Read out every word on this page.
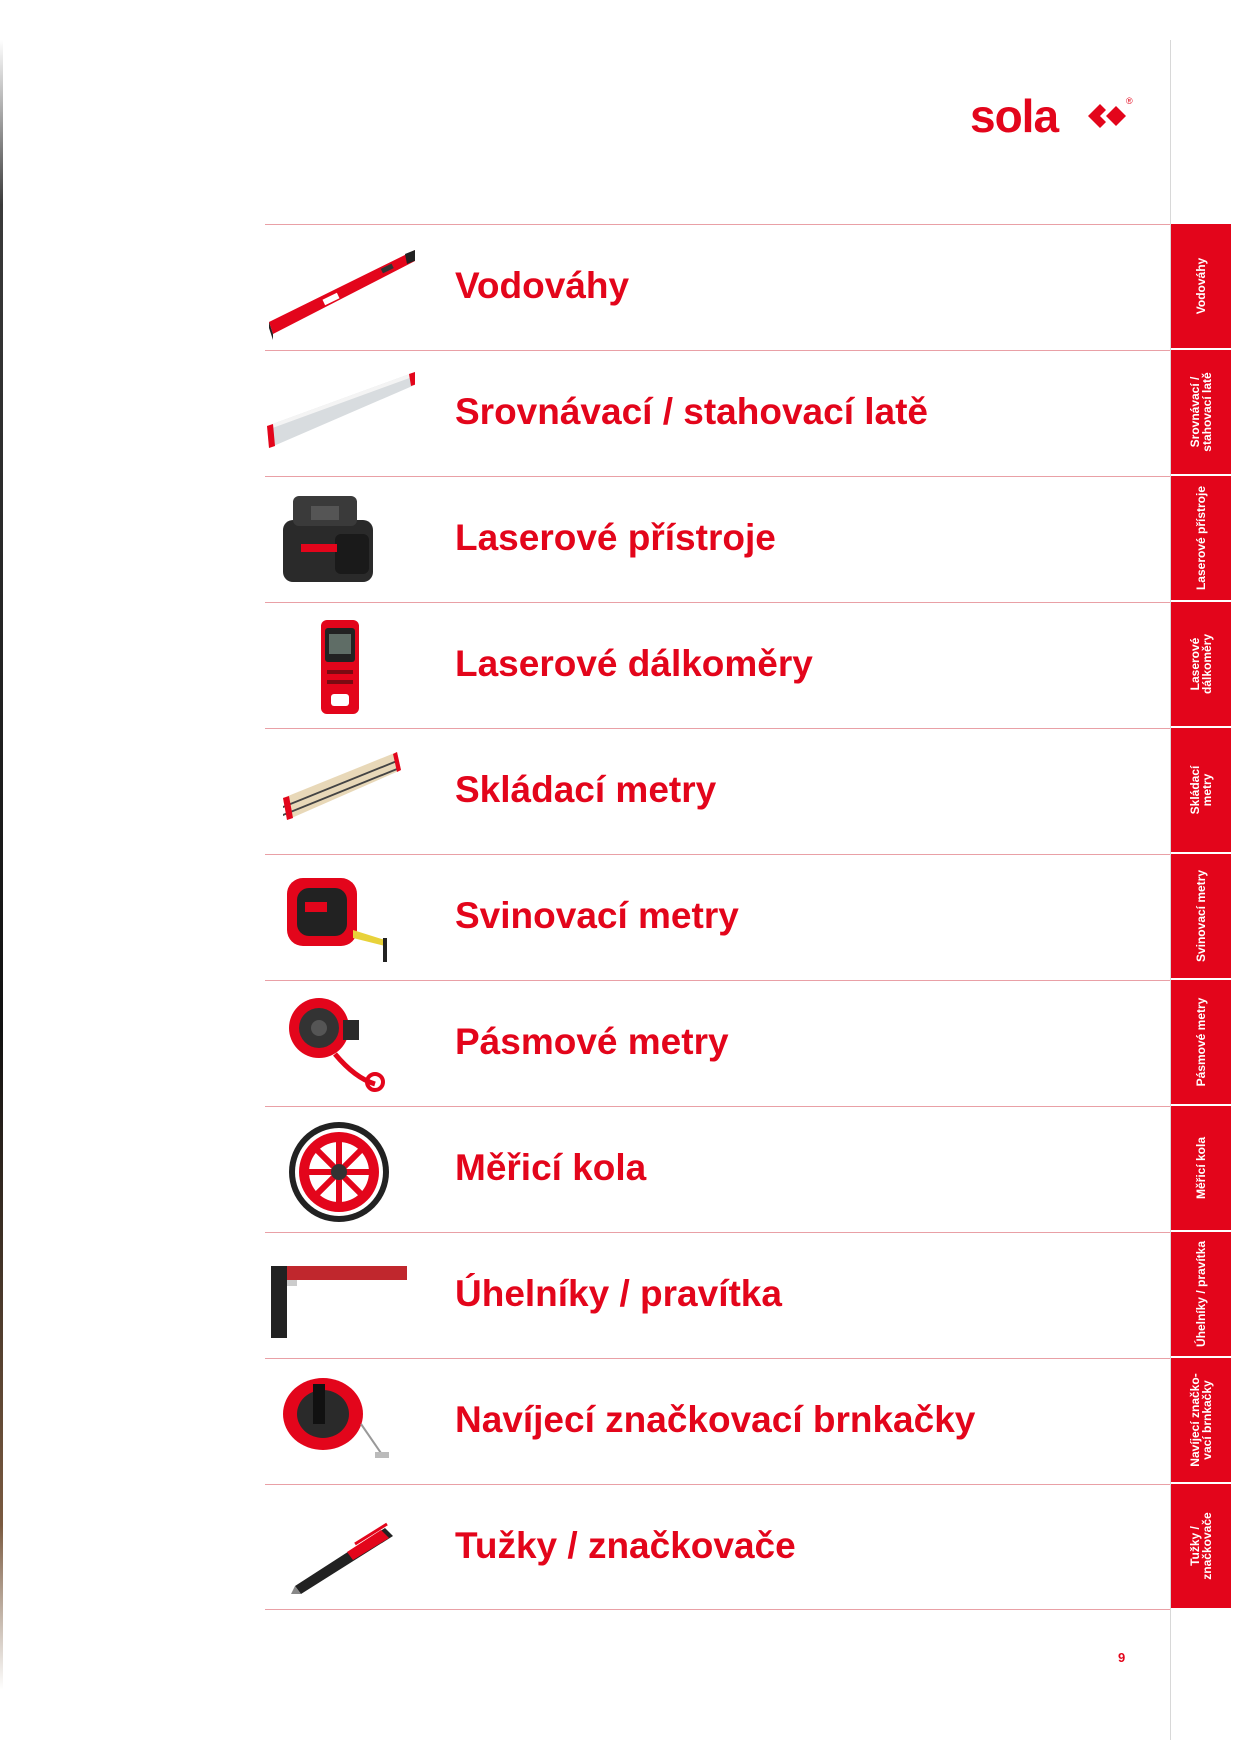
sola	®
Vodováhy
Srovnávací / stahovací latě
Laserové přístroje
Laserové dálkoměry
Skládací metry
Svinovací metry
Pásmové metry
Měřicí kola
Úhelníky / pravítka
Navíjecí značkovací brnkačky
Tužky / značkovače
Vodováhy
Srovnávací /
stahovací latě
Laserové přístroje
Laserové
dálkoměry
Skládací
metry
Svinovací metry
Pásmové metry
Měřicí kola
Úhelníky / pravítka
Navíjecí značko-
vací brnkačky
Tužky /
značkovače
9
